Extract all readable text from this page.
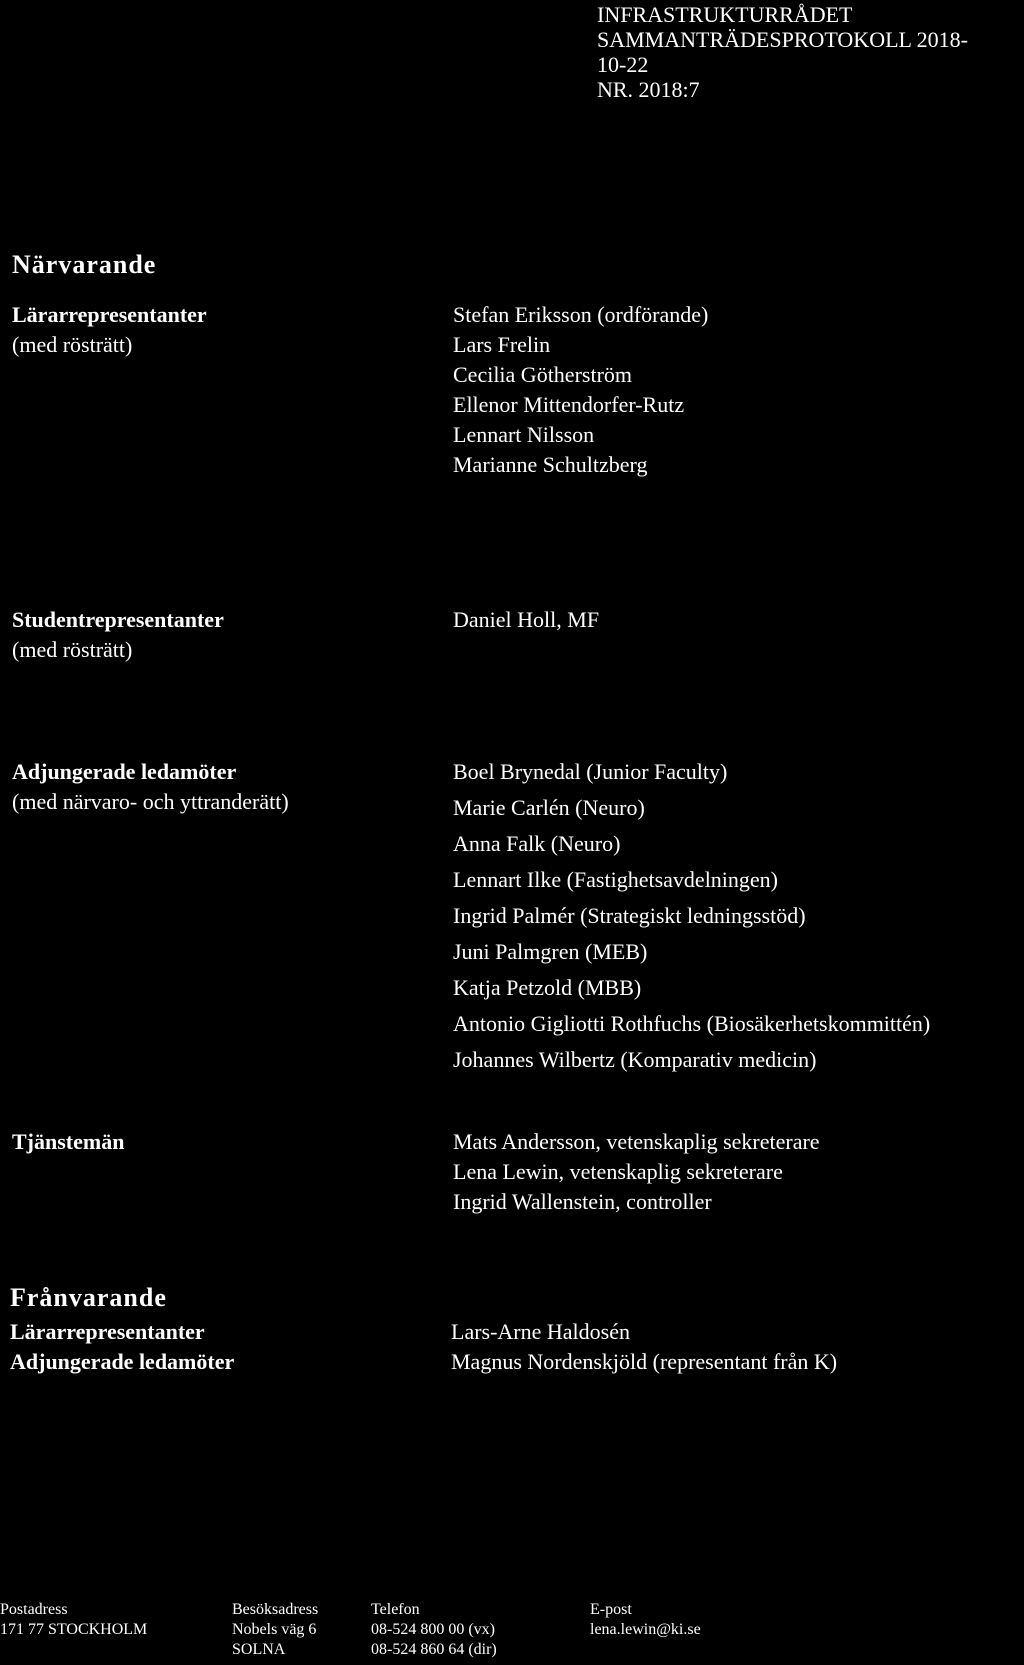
INFRASTRUKTURRÅDET
SAMMANTRÄDESPROTOKOLL 2018-
10-22
NR. 2018:7
Närvarande
Lärarrepresentanter
(med rösträtt)
Stefan Eriksson (ordförande)
Lars Frelin
Cecilia Götherström
Ellenor Mittendorfer-Rutz
Lennart Nilsson
Marianne Schultzberg
Studentrepresentanter
(med rösträtt)
Daniel Holl, MF
Adjungerade ledamöter
(med närvaro- och yttranderätt)
Boel Brynedal (Junior Faculty)
Marie Carlén (Neuro)
Anna Falk (Neuro)
Lennart Ilke (Fastighetsavdelningen)
Ingrid Palmér (Strategiskt ledningsstöd)
Juni Palmgren (MEB)
Katja Petzold (MBB)
Antonio Gigliotti Rothfuchs (Biosäkerhetskommittén)
Johannes Wilbertz (Komparativ medicin)
Tjänstemän	Mats Andersson, vetenskaplig sekreterare
Lena Lewin, vetenskaplig sekreterare
Ingrid Wallenstein, controller
Frånvarande
Lärarrepresentanter
Adjungerade ledamöter
Lars-Arne Haldosén
Magnus Nordenskjöld (representant från K)
Postadress
171 77 STOCKHOLM
Besöksadress
Nobels väg 6
SOLNA
Telefon
08-524 800 00 (vx)
08-524 860 64 (dir)
E-post
lena.lewin@ki.se
